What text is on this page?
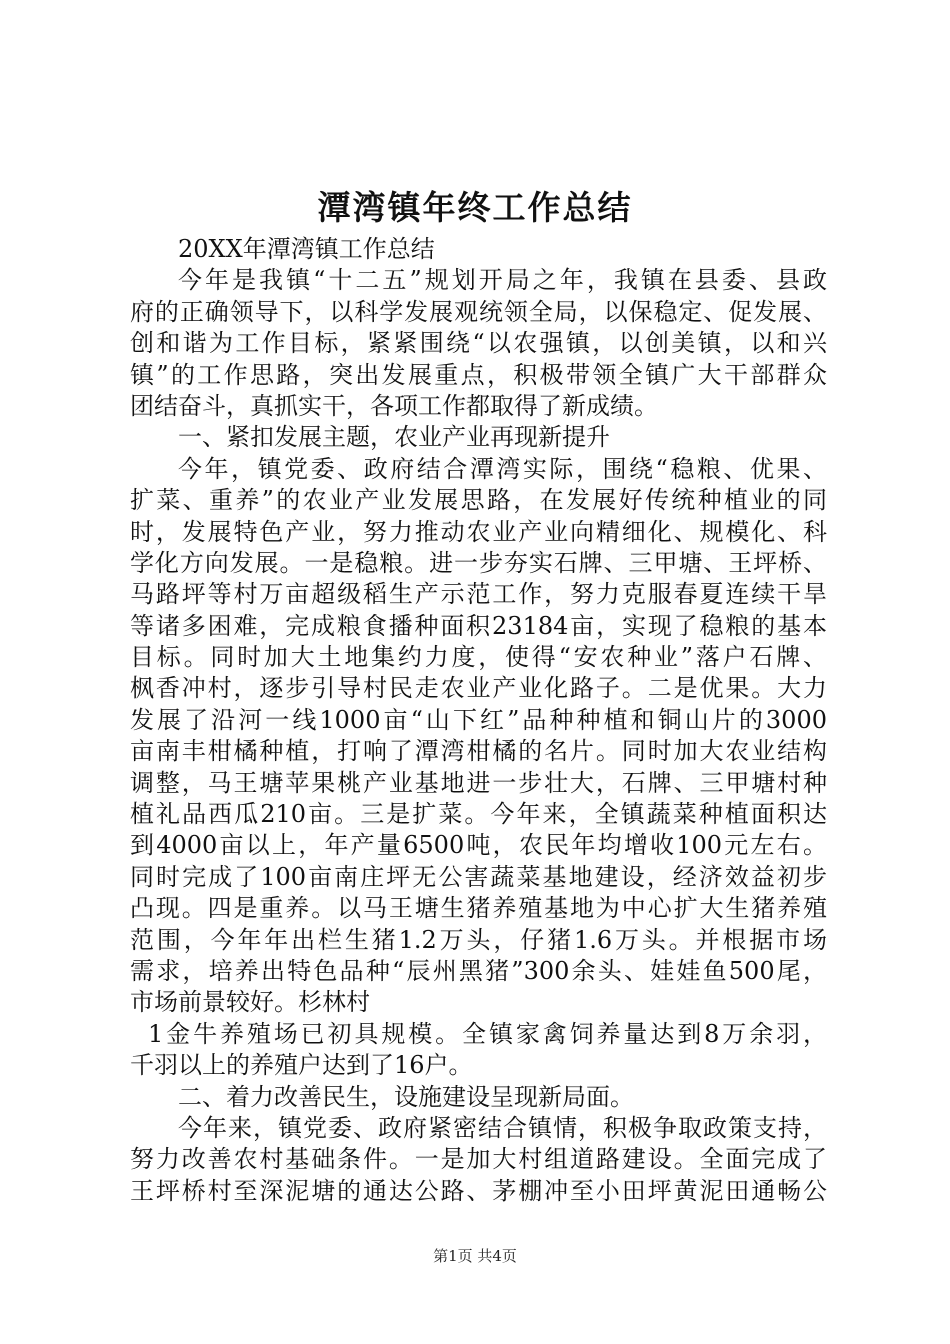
潭湾镇年终工作总结
20XX年潭湾镇工作总结
今年是我镇“十二五”规划开局之年，我镇在县委、县政
府的正确领导下，以科学发展观统领全局，以保稳定、促发展、
创和谐为工作目标，紧紧围绕“以农强镇，以创美镇，以和兴
镇”的工作思路，突出发展重点，积极带领全镇广大干部群众
团结奋斗，真抓实干，各项工作都取得了新成绩。
一、紧扣发展主题，农业产业再现新提升
今年，镇党委、政府结合潭湾实际，围绕“稳粮、优果、
扩菜、重养”的农业产业发展思路，在发展好传统种植业的同
时，发展特色产业，努力推动农业产业向精细化、规模化、科
学化方向发展。一是稳粮。进一步夯实石牌、三甲塘、王坪桥、
马路坪等村万亩超级稻生产示范工作，努力克服春夏连续干旱
等诸多困难，完成粮食播种面积23184亩，实现了稳粮的基本
目标。同时加大土地集约力度，使得“安农种业”落户石牌、
枫香冲村，逐步引导村民走农业产业化路子。二是优果。大力
发展了沿河一线1000亩“山下红”品种种植和铜山片的3000
亩南丰柑橘种植，打响了潭湾柑橘的名片。同时加大农业结构
调整，马王塘苹果桃产业基地进一步壮大，石牌、三甲塘村种
植礼品西瓜210亩。三是扩菜。今年来，全镇蔬菜种植面积达
到4000亩以上，年产量6500吨，农民年均增收100元左右。
同时完成了100亩南庄坪无公害蔬菜基地建设，经济效益初步
凸现。四是重养。以马王塘生猪养殖基地为中心扩大生猪养殖
范围，今年年出栏生猪1.2万头，仔猪1.6万头。并根据市场
需求，培养出特色品种“辰州黑猪”300余头、娃娃鱼500尾，
市场前景较好。杉林村
1金牛养殖场已初具规模。全镇家禽饲养量达到8万余羽，
千羽以上的养殖户达到了16户。
二、着力改善民生，设施建设呈现新局面。
今年来，镇党委、政府紧密结合镇情，积极争取政策支持，
努力改善农村基础条件。一是加大村组道路建设。全面完成了
王坪桥村至深泥塘的通达公路、茅棚冲至小田坪黄泥田通畅公
第1页 共4页
